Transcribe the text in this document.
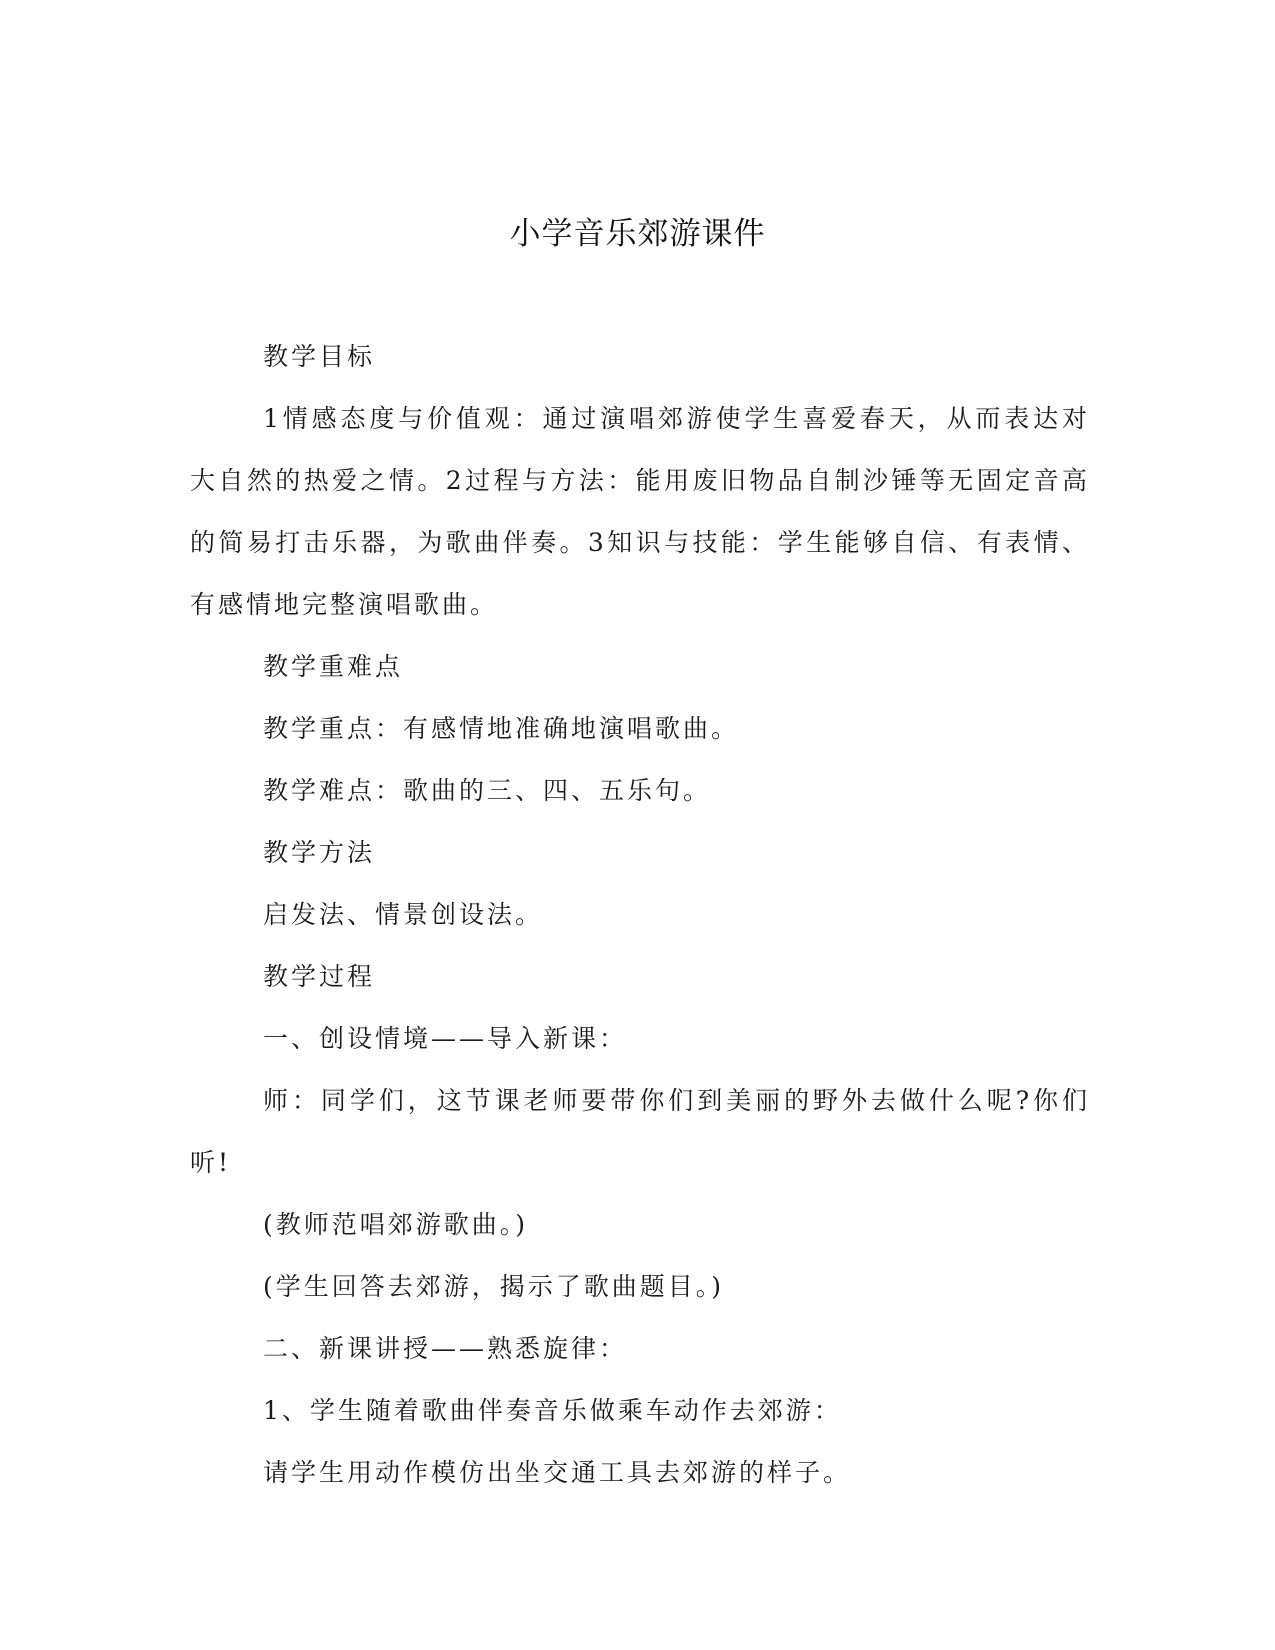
小学音乐郊游课件

教学目标

1情感态度与价值观：通过演唱郊游使学生喜爱春天，从而表达对大自然的热爱之情。2过程与方法：能用废旧物品自制沙锤等无固定音高的简易打击乐器，为歌曲伴奏。3知识与技能：学生能够自信、有表情、有感情地完整演唱歌曲。

教学重难点

教学重点：有感情地准确地演唱歌曲。

教学难点：歌曲的三、四、五乐句。

教学方法

启发法、情景创设法。

教学过程

一、创设情境——导入新课：

师：同学们，这节课老师要带你们到美丽的野外去做什么呢?你们听!

(教师范唱郊游歌曲。)

(学生回答去郊游，揭示了歌曲题目。)

二、新课讲授——熟悉旋律：

1、学生随着歌曲伴奏音乐做乘车动作去郊游：

请学生用动作模仿出坐交通工具去郊游的样子。
